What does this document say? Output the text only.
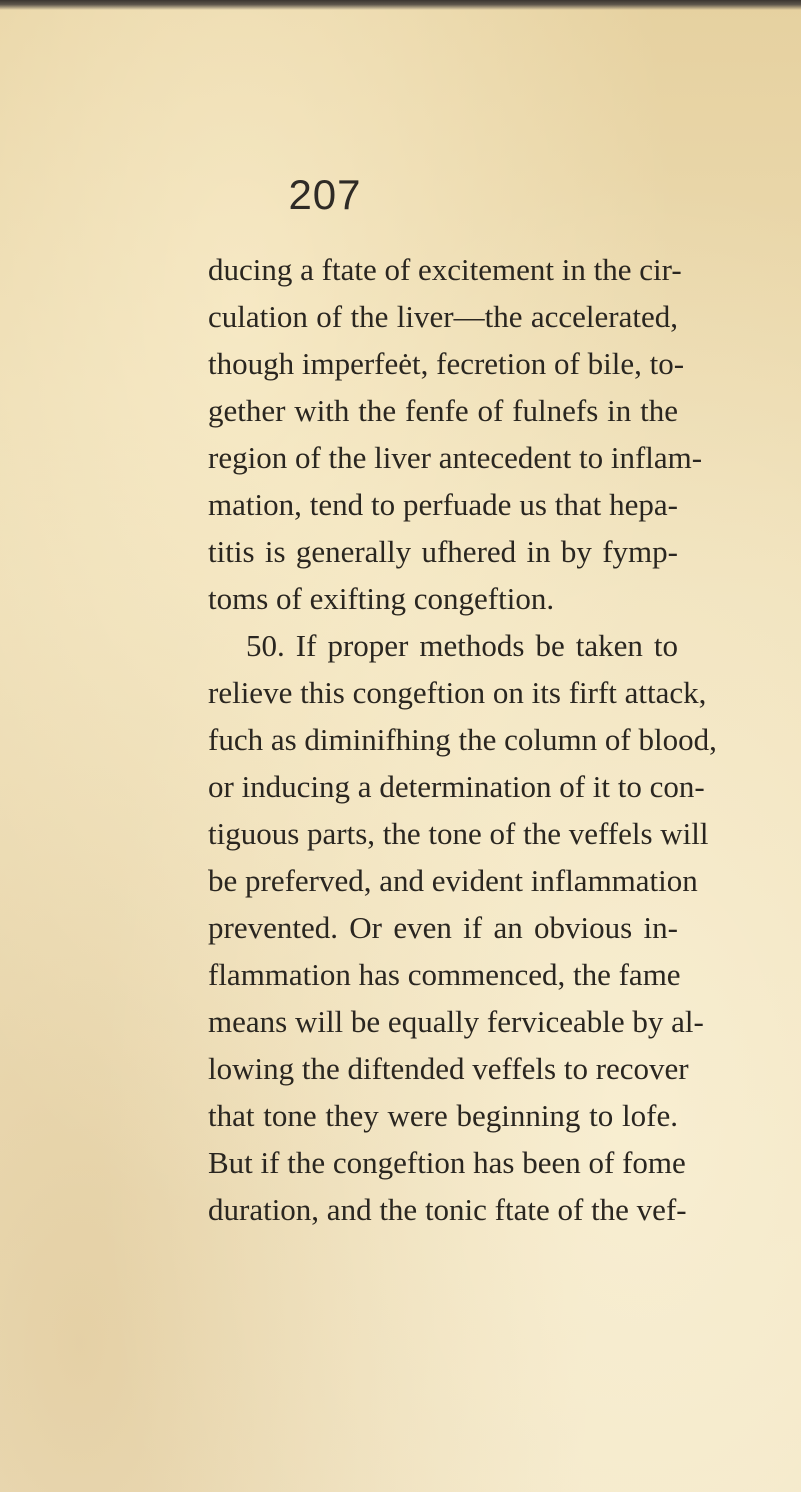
207
ducing a ftate of excitement in the cir-
culation of the liver—the accelerated,
though imperfeėt, fecretion of bile, to-
gether with the fenfe of fulnefs in the
region of the liver antecedent to inflam-
mation, tend to perfuade us that hepa-
titis is generally ufhered in by fymp-
toms of exifting congeftion.
50. If proper methods be taken to
relieve this congeftion on its firft attack,
fuch as diminifhing the column of blood,
or inducing a determination of it to con-
tiguous parts, the tone of the veffels will
be preferved, and evident inflammation
prevented. Or even if an obvious in-
flammation has commenced, the fame
means will be equally ferviceable by al-
lowing the diftended veffels to recover
that tone they were beginning to lofe.
But if the congeftion has been of fome
duration, and the tonic ftate of the vef-
